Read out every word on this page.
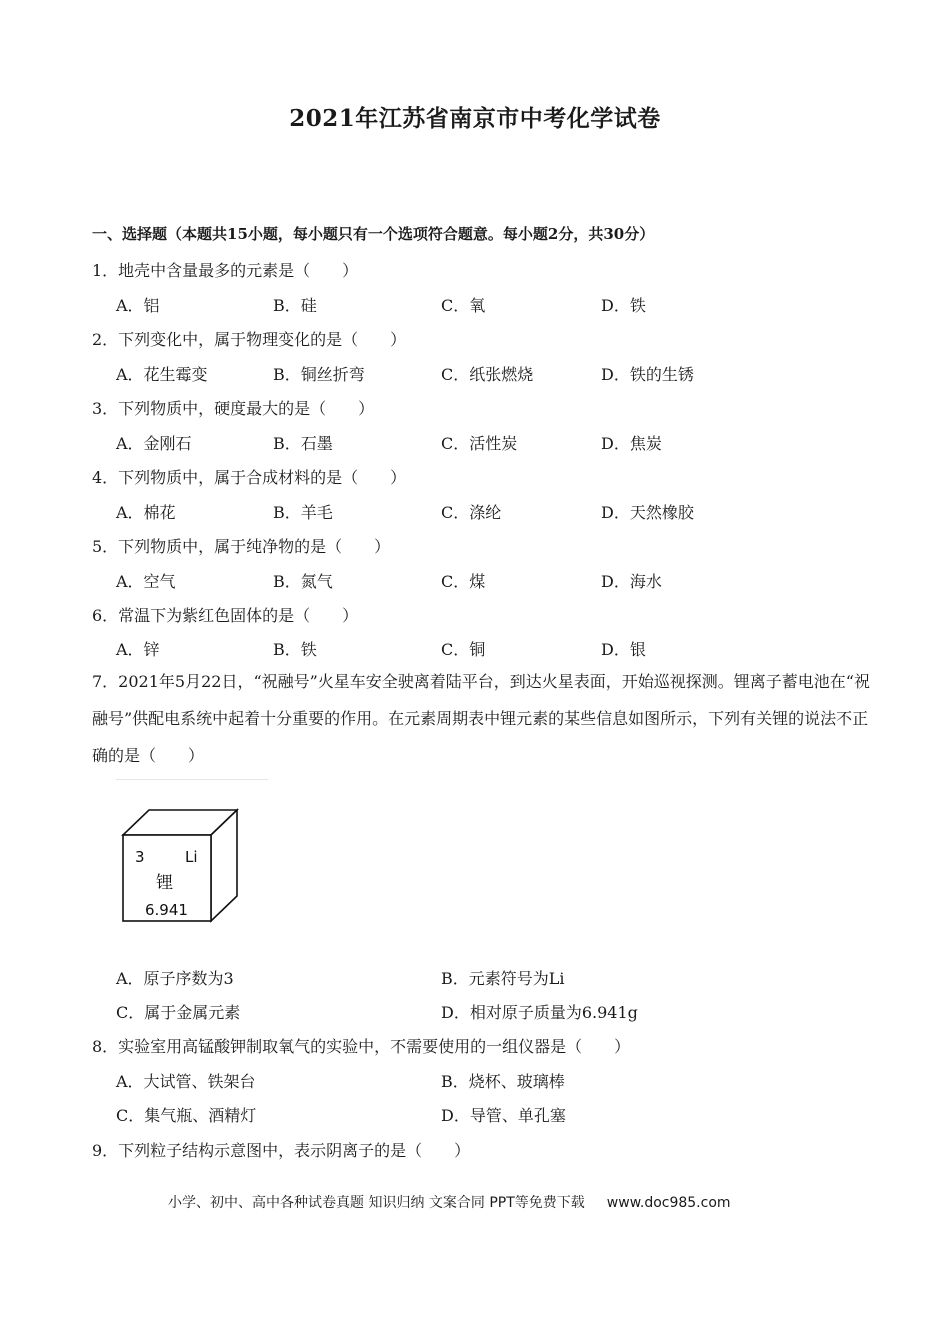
2021年江苏省南京市中考化学试卷
一、选择题（本题共15小题，每小题只有一个选项符合题意。每小题2分，共30分）
1．地壳中含量最多的元素是（　　）
A．铝	B．硅	C．氧	D．铁
2．下列变化中，属于物理变化的是（　　）
A．花生霉变	B．铜丝折弯	C．纸张燃烧	D．铁的生锈
3．下列物质中，硬度最大的是（　　）
A．金刚石	B．石墨	C．活性炭	D．焦炭
4．下列物质中，属于合成材料的是（　　）
A．棉花	B．羊毛	C．涤纶	D．天然橡胶
5．下列物质中，属于纯净物的是（　　）
A．空气	B．氮气	C．煤	D．海水
6．常温下为紫红色固体的是（　　）
A．锌	B．铁	C．铜	D．银
7．2021年5月22日，“祝融号”火星车安全驶离着陆平台，到达火星表面，开始巡视探测。锂离子蓄电池在“祝融号”供配电系统中起着十分重要的作用。在元素周期表中锂元素的某些信息如图所示，下列有关锂的说法不正确的是（　　）
3	Li
锂
6.941
A．原子序数为3	B．元素符号为Li
C．属于金属元素	D．相对原子质量为6.941g
8．实验室用高锰酸钾制取氧气的实验中，不需要使用的一组仪器是（　　）
A．大试管、铁架台	B．烧杯、玻璃棒
C．集气瓶、酒精灯	D．导管、单孔塞
9．下列粒子结构示意图中，表示阴离子的是（　　）
小学、初中、高中各种试卷真题 知识归纳 文案合同 PPT等免费下载 www.doc985.com
